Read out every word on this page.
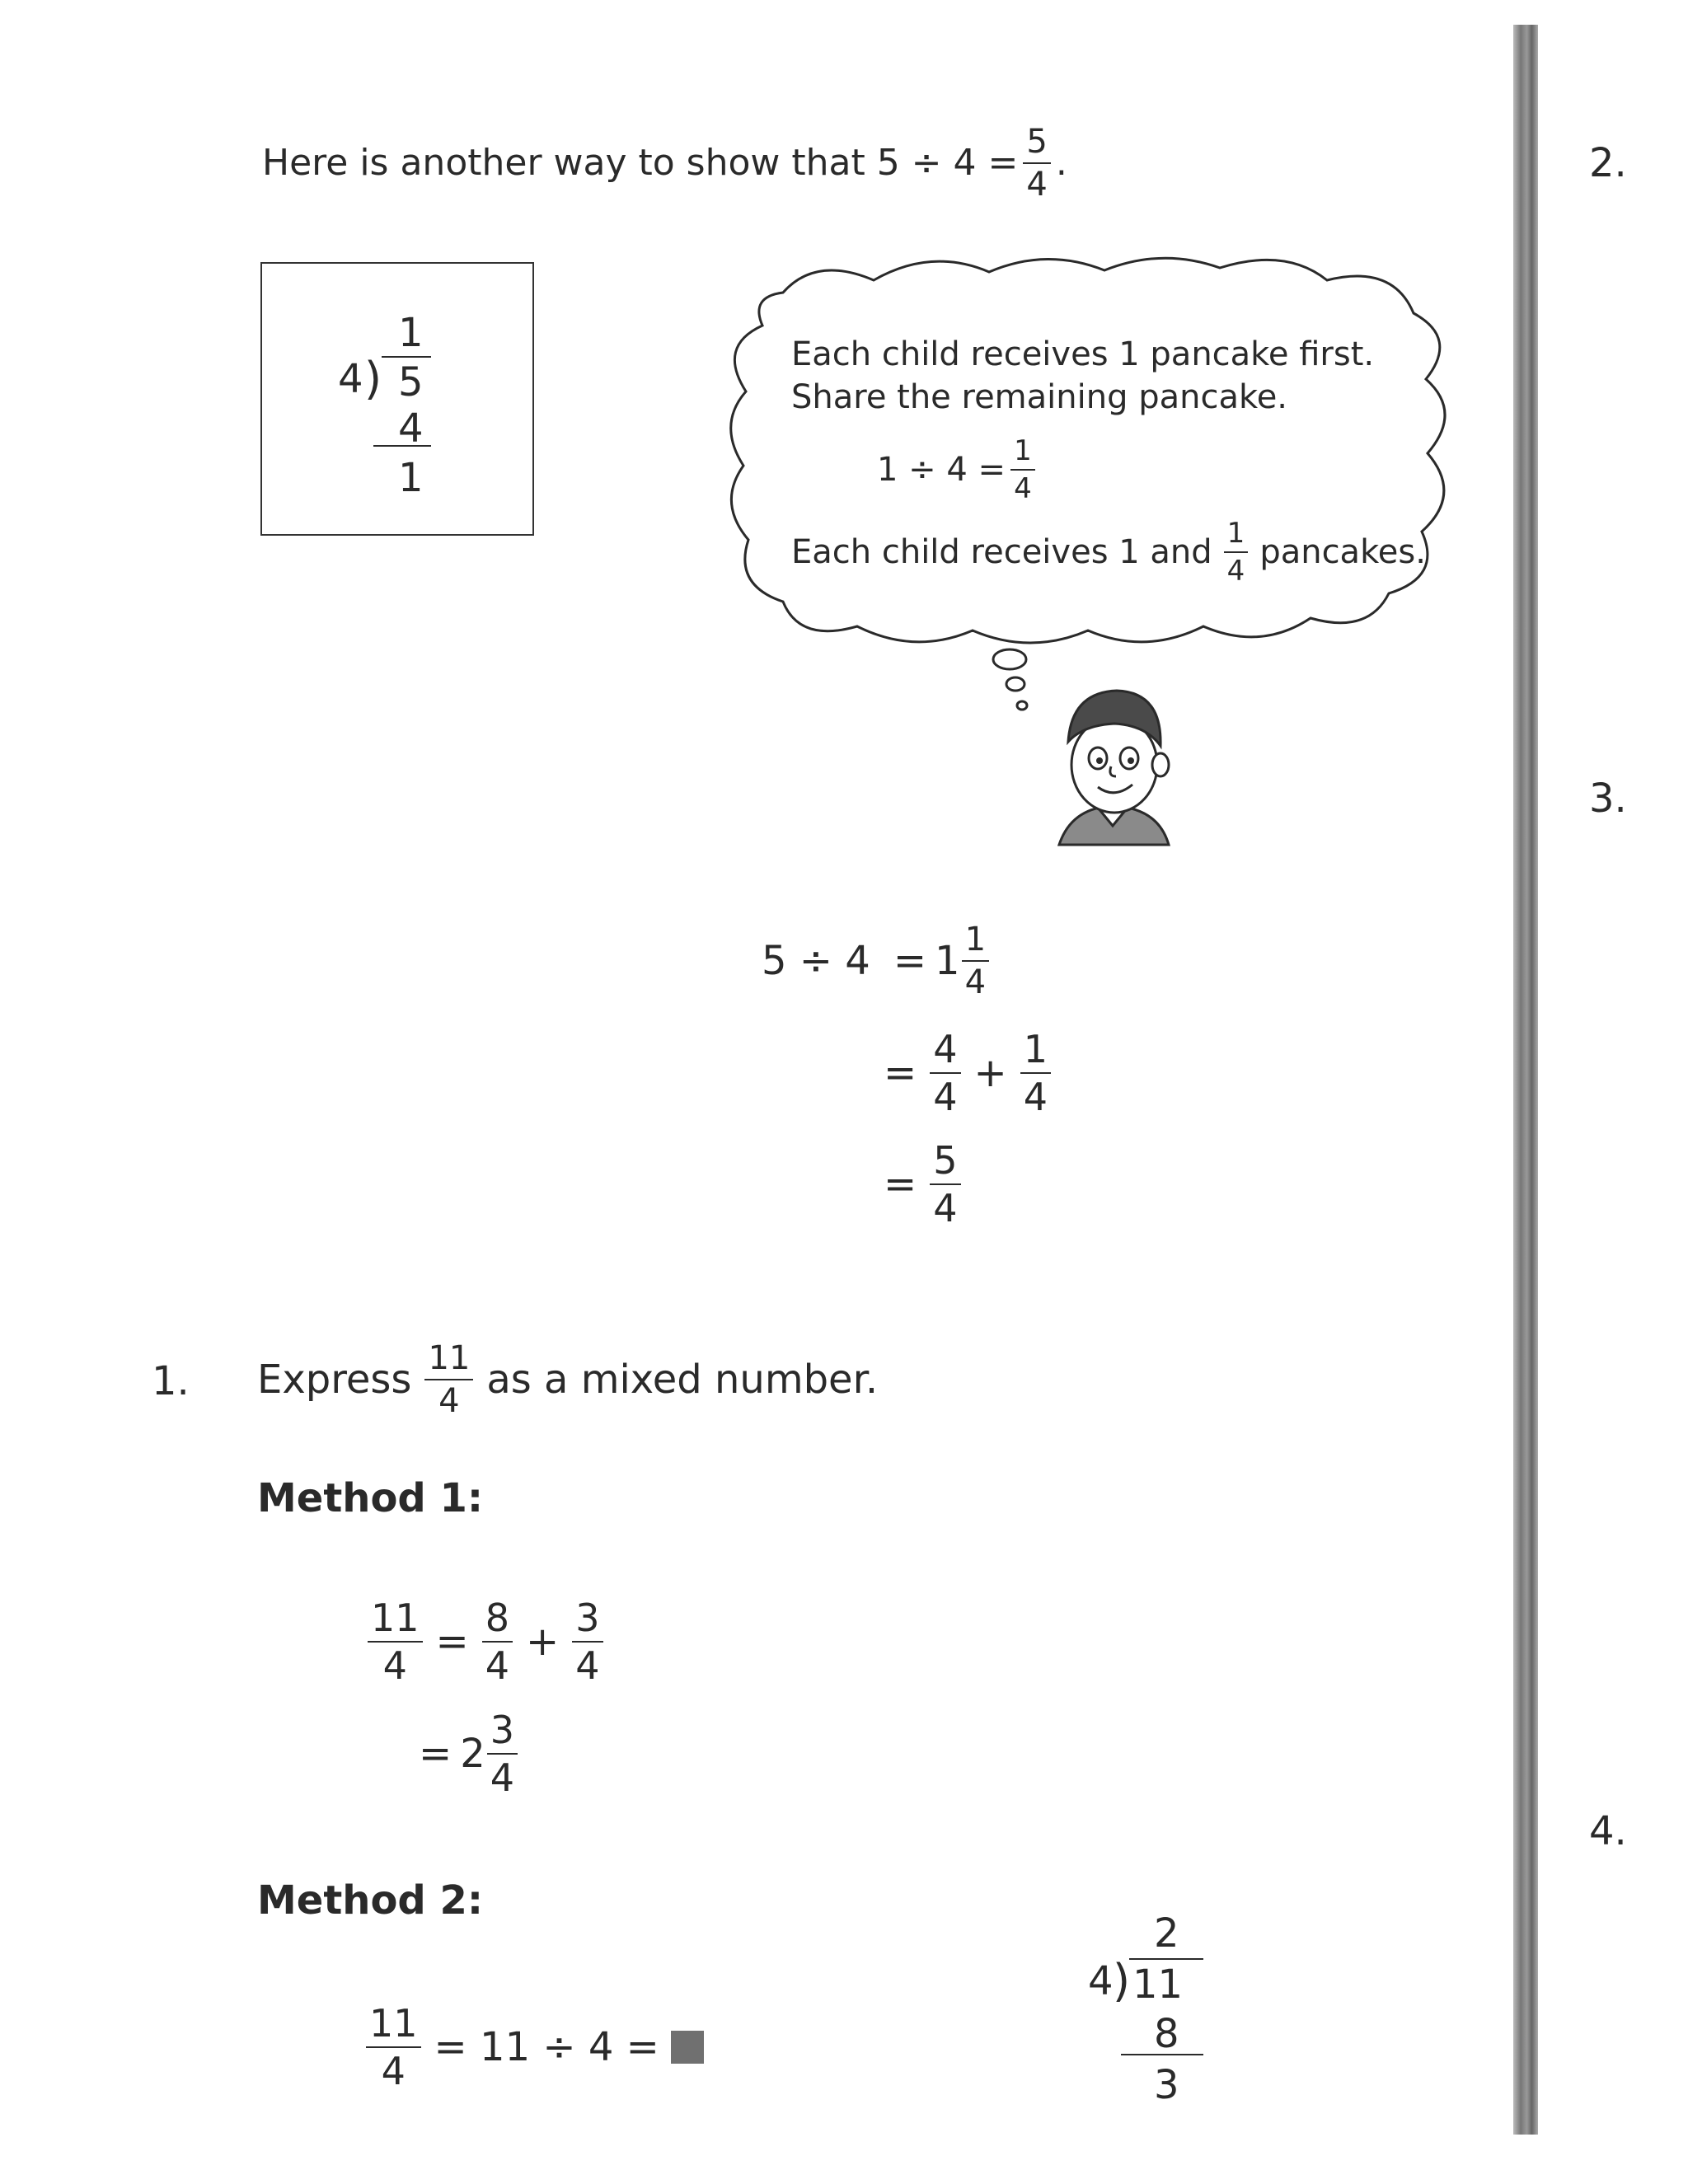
Here is another way to show that $5 \div 4 = \frac{5}{4}$ .
1
4 ) 5
4
1
Each child receives 1 pancake first.
Share the remaining pancake.
$1 \div 4 = \frac{1}{4}$
Each child receives 1 and $\frac{1}{4}$ pancakes.
$5 \div 4 = 1 \frac{1}{4}$
= $\frac{4}{4} + \frac{1}{4}$
= $\frac{5}{4}$
1. Express $\frac{11}{4}$ as a mixed number.
Method 1:
$\frac{11}{4} = \frac{8}{4} + \frac{3}{4}$
= $2 \frac{3}{4}$
Method 2:
$\frac{11}{4} = 11 \div 4$ =
2
4 ) 11
8
3
2.
3.
4.
